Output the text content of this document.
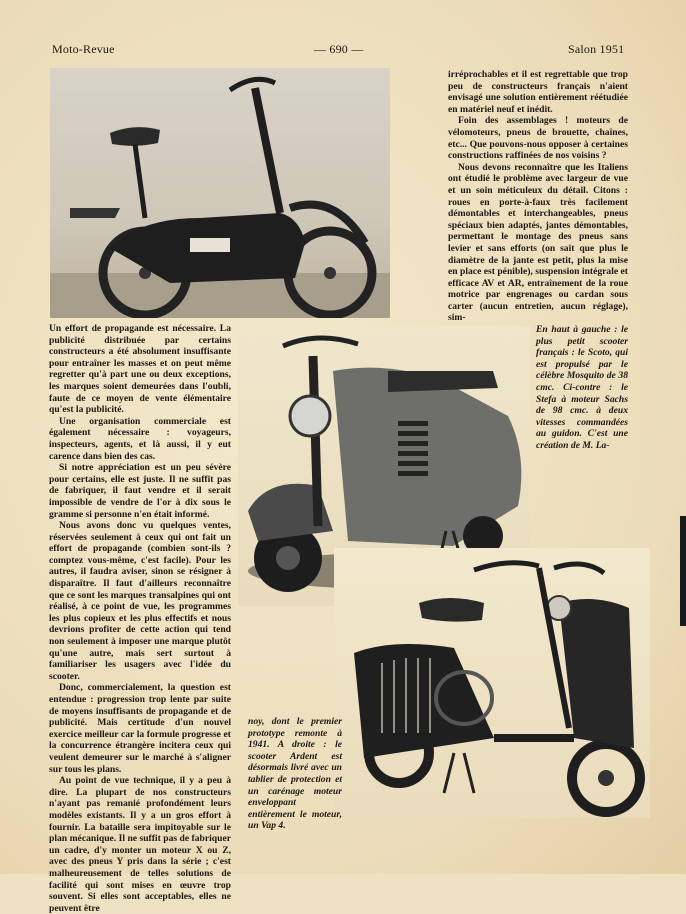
Moto-Revue	— 690 —	Salon 1951

irréprochables et il est regrettable que trop peu de constructeurs français n'aient envisagé une solution entièrement réétudiée en matériel neuf et inédit.

Foin des assemblages ! moteurs de vélomoteurs, pneus de brouette, chaînes, etc... Que pouvons-nous opposer à certaines constructions raffinées de nos voisins ?

Nous devons reconnaître que les Italiens ont étudié le problème avec largeur de vue et un soin méticuleux du détail. Citons : roues en porte-à-faux très facilement démontables et interchangeables, pneus spéciaux bien adaptés, jantes démontables, permettant le montage des pneus sans levier et sans efforts (on sait que plus le diamètre de la jante est petit, plus la mise en place est pénible), suspension intégrale et efficace AV et AR, entraînement de la roue motrice par engrenages ou cardan sous carter (aucun entretien, aucun réglage), sim-

Un effort de propagande est nécessaire. La publicité distribuée par certains constructeurs a été absolument insuffisante pour entraîner les masses et on peut même regretter qu'à part une ou deux exceptions, les marques soient demeurées dans l'oubli, faute de ce moyen de vente élémentaire qu'est la publicité.

Une organisation commerciale est également nécessaire : voyageurs, inspecteurs, agents, et là aussi, il y eut carence dans bien des cas.

Si notre appréciation est un peu sévère pour certains, elle est juste. Il ne suffit pas de fabriquer, il faut vendre et il serait impossible de vendre de l'or à dix sous le gramme si personne n'en était informé.

Nous avons donc vu quelques ventes, réservées seulement à ceux qui ont fait un effort de propagande (combien sont-ils ? comptez vous-même, c'est facile). Pour les autres, il faudra aviser, sinon se résigner à disparaître. Il faut d'ailleurs reconnaître que ce sont les marques transalpines qui ont réalisé, à ce point de vue, les programmes les plus copieux et les plus effectifs et nous devrions profiter de cette action qui tend non seulement à imposer une marque plutôt qu'une autre, mais sert surtout à familiariser les usagers avec l'idée du scooter.

Donc, commercialement, la question est entendue : progression trop lente par suite de moyens insuffisants de propagande et de publicité. Mais certitude d'un nouvel exercice meilleur car la formule progresse et la concurrence étrangère incitera ceux qui veulent demeurer sur le marché à s'aligner sur tous les plans.

Au point de vue technique, il y a peu à dire. La plupart de nos constructeurs n'ayant pas remanié profondément leurs modèles existants. Il y a un gros effort à fournir. La bataille sera impitoyable sur le plan mécanique. Il ne suffit pas de fabriquer un cadre, d'y monter un moteur X ou Z, avec des pneus Y pris dans la série ; c'est malheureusement de telles solutions de facilité qui sont mises en œuvre trop souvent. Si elles sont acceptables, elles ne peuvent être

En haut à gauche : le plus petit scooter français : le Scoto, qui est propulsé par le célèbre Mosquito de 38 cmc. Ci-contre : le Stefa à moteur Sachs de 98 cmc. à deux vitesses commandées au guidon. C'est une création de M. La-
noy, dont le premier prototype remonte à 1941. A droite : le scooter Ardent est désormais livré avec un tablier de protection et un carénage moteur enveloppant entièrement le moteur, un Vap 4.
